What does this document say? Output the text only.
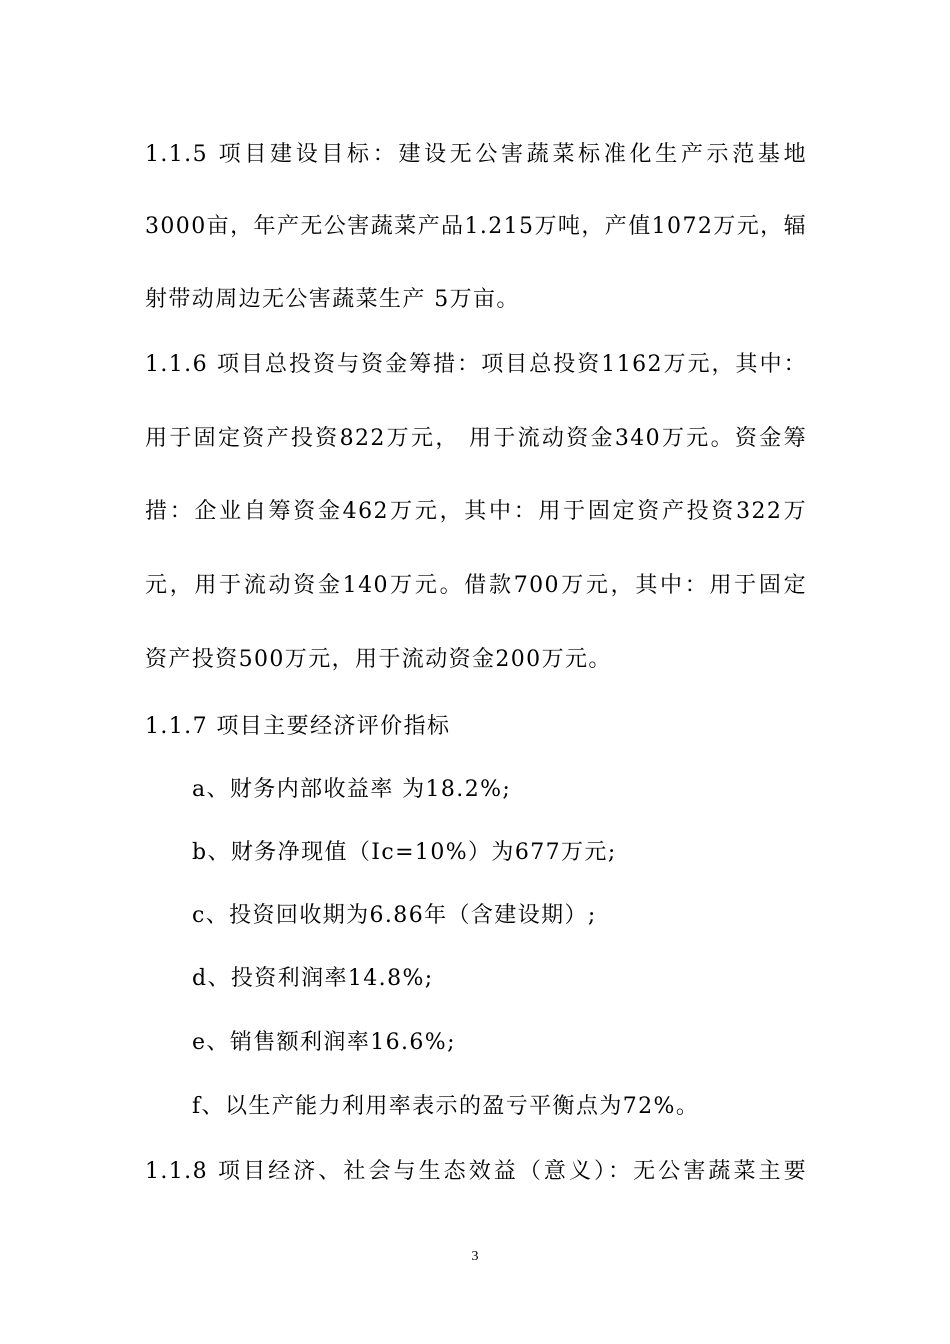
1.1.5 项目建设目标：建设无公害蔬菜标准化生产示范基地
3000亩，年产无公害蔬菜产品1.215万吨，产值1072万元，辐
射带动周边无公害蔬菜生产 5万亩。
1.1.6 项目总投资与资金筹措：项目总投资1162万元，其中：
用于固定资产投资822万元， 用于流动资金340万元。资金筹
措：企业自筹资金462万元，其中：用于固定资产投资322万
元，用于流动资金140万元。借款700万元，其中：用于固定
资产投资500万元，用于流动资金200万元。
1.1.7 项目主要经济评价指标
a、财务内部收益率 为18.2%;
b、财务净现值（Ic=10%）为677万元;
c、投资回收期为6.86年（含建设期）;
d、投资利润率14.8%;
e、销售额利润率16.6%;
f、以生产能力利用率表示的盈亏平衡点为72%。
1.1.8 项目经济、社会与生态效益（意义）：无公害蔬菜主要
3
